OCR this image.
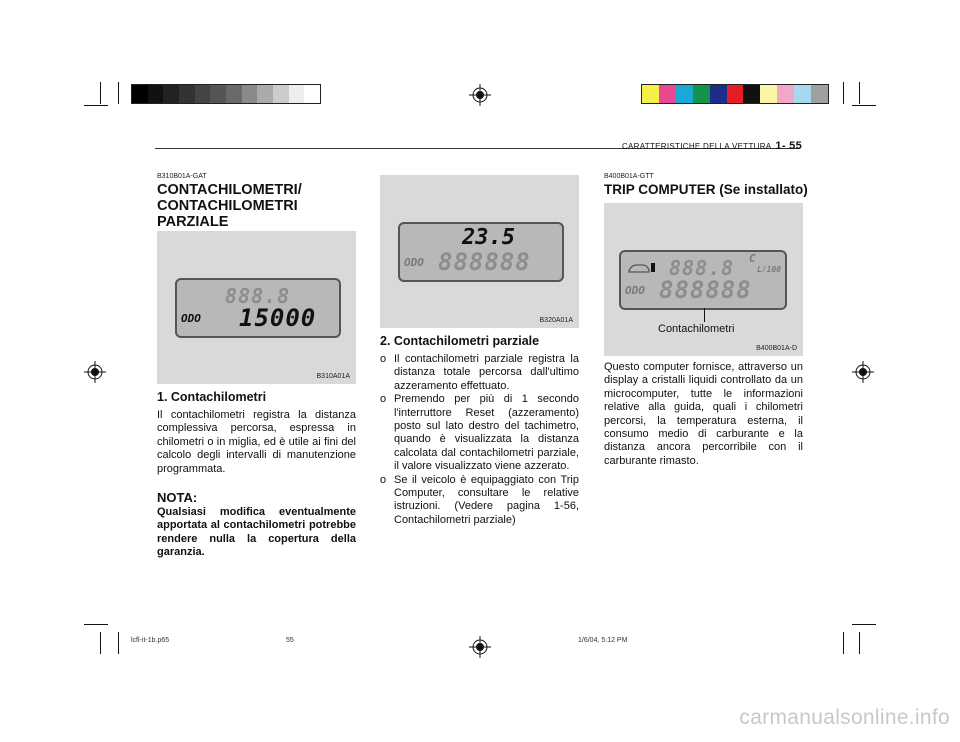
CARATTERISTICHE DELLA VETTURA 1- 55
B310B01A-GAT
CONTACHILOMETRI/
CONTACHILOMETRI
PARZIALE
888.8
ODO 15000
B310A01A
1. Contachilometri
Il contachilometri registra la distanza complessiva percorsa, espressa in chilometri o in miglia, ed è utile ai fini del calcolo degli intervalli di manutenzione programmata.
NOTA:
Qualsiasi modifica eventualmente apportata al contachilometri potrebbe rendere nulla la copertura della garanzia.
23.5
ODO 888888
B320A01A
2. Contachilometri parziale
o Il contachilometri parziale registra la distanza totale percorsa dall'ultimo azzeramento effettuato.
o Premendo per più di 1 secondo l'interruttore Reset (azzeramento) posto sul lato destro del tachimetro, quando è visualizzata la distanza calcolata dal contachilometri parziale, il valore visualizzato viene azzerato.
o Se il veicolo è equipaggiato con Trip Computer, consultare le relative istruzioni. (Vedere pagina 1-56, Contachilometri parziale)
B400B01A-GTT
TRIP COMPUTER (Se installato)
888.8 C
L/100
ODO 888888
Contachilometri
B400B01A-D
Questo computer fornisce, attraverso un display a cristalli liquidi controllato da un microcomputer, tutte le informazioni relative alla guida, quali i chilometri percorsi, la temperatura esterna, il consumo medio di carburante e la distanza ancora percorribile con il carburante rimasto.
lcfl-it-1b.p65	55	1/6/04, 5:12 PM
carmanualsonline.info
